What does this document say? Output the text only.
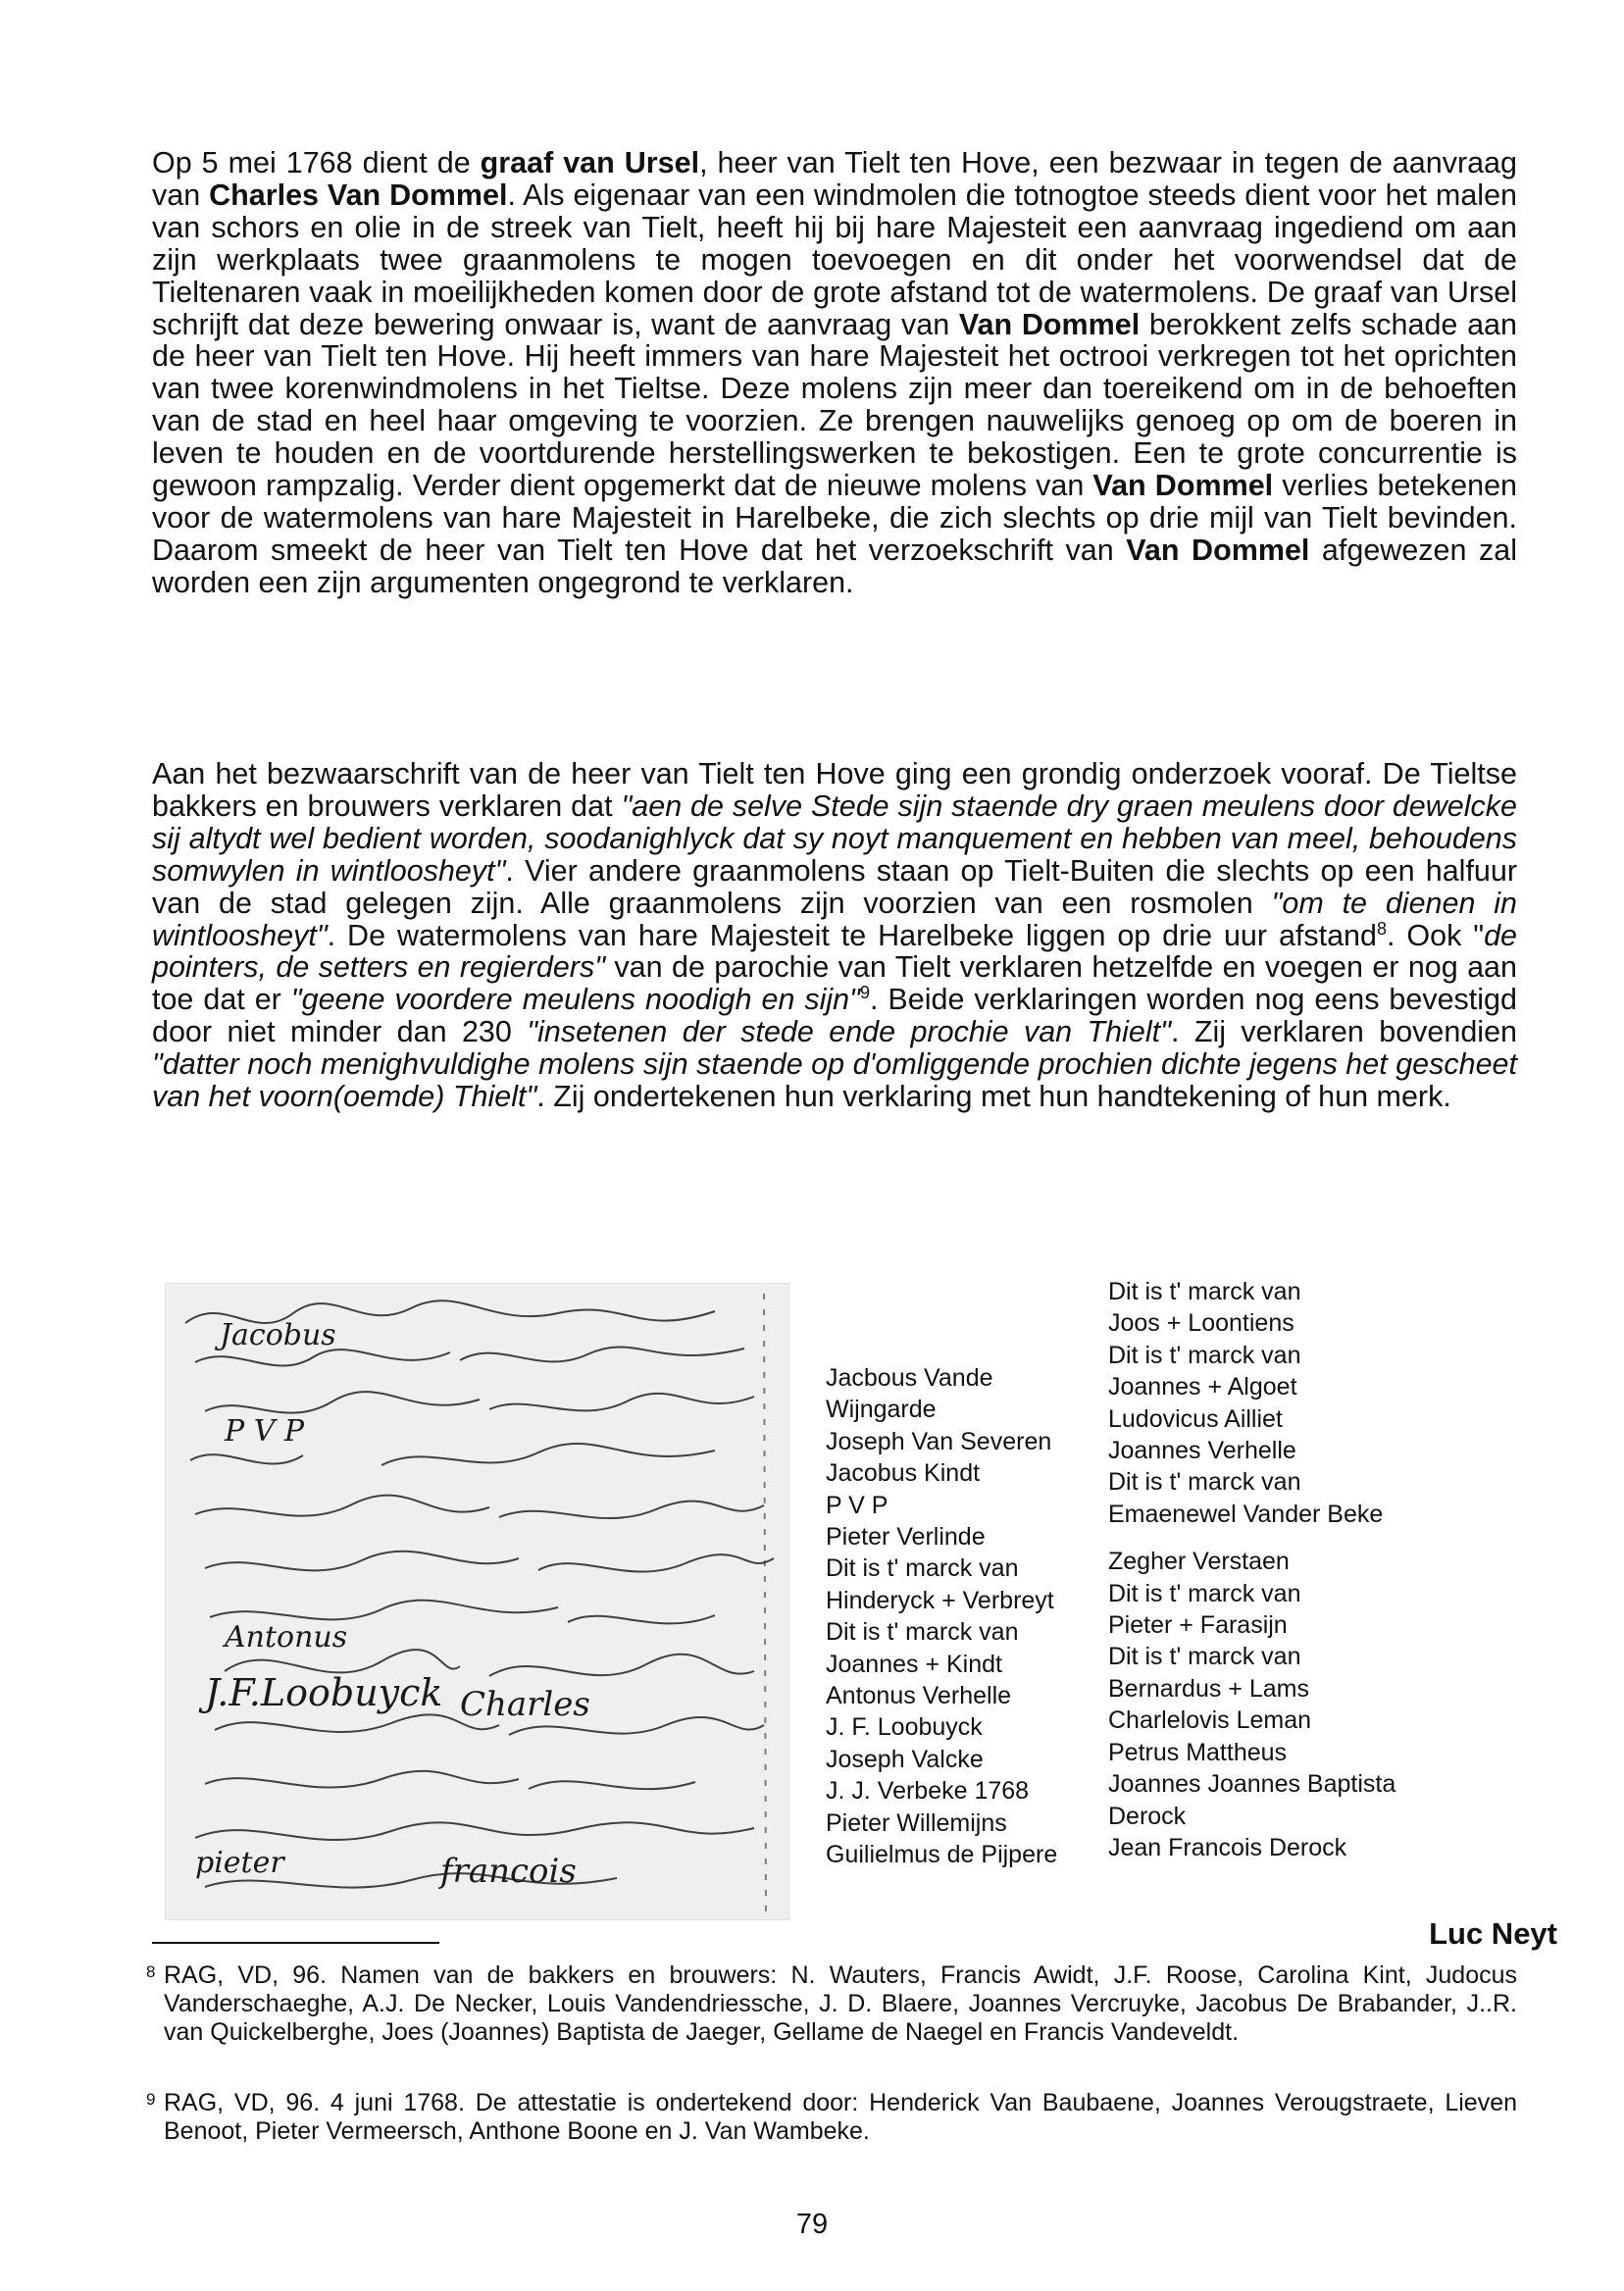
Op 5 mei 1768 dient de graaf van Ursel, heer van Tielt ten Hove, een bezwaar in tegen de aanvraag van Charles Van Dommel. Als eigenaar van een windmolen die totnogtoe steeds dient voor het malen van schors en olie in de streek van Tielt, heeft hij bij hare Majesteit een aanvraag ingediend om aan zijn werkplaats twee graanmolens te mogen toevoegen en dit onder het voorwendsel dat de Tieltenaren vaak in moeilijkheden komen door de grote afstand tot de watermolens. De graaf van Ursel schrijft dat deze bewering onwaar is, want de aanvraag van Van Dommel berokkent zelfs schade aan de heer van Tielt ten Hove. Hij heeft immers van hare Majesteit het octrooi verkregen tot het oprichten van twee korenwindmolens in het Tieltse. Deze molens zijn meer dan toereikend om in de behoeften van de stad en heel haar omgeving te voorzien. Ze brengen nauwelijks genoeg op om de boeren in leven te houden en de voortdurende herstellingswerken te bekostigen. Een te grote concurrentie is gewoon rampzalig. Verder dient opgemerkt dat de nieuwe molens van Van Dommel verlies betekenen voor de watermolens van hare Majesteit in Harelbeke, die zich slechts op drie mijl van Tielt bevinden. Daarom smeekt de heer van Tielt ten Hove dat het verzoekschrift van Van Dommel afgewezen zal worden een zijn argumenten ongegrond te verklaren.

Aan het bezwaarschrift van de heer van Tielt ten Hove ging een grondig onderzoek vooraf. De Tieltse bakkers en brouwers verklaren dat "aen de selve Stede sijn staende dry graen meulens door dewelcke sij altydt wel bedient worden, soodanighlyck dat sy noyt manquement en hebben van meel, behoudens somwylen in wintloosheyt". Vier andere graanmolens staan op Tielt-Buiten die slechts op een halfuur van de stad gelegen zijn. Alle graanmolens zijn voorzien van een rosmolen "om te dienen in wintloosheyt". De watermolens van hare Majesteit te Harelbeke liggen op drie uur afstand$^8$. Ook "de pointers, de setters en regierders" van de parochie van Tielt verklaren hetzelfde en voegen er nog aan toe dat er "geene voordere meulens noodigh en sijn"$^9$. Beide verklaringen worden nog eens bevestigd door niet minder dan 230 "insetenen der stede ende prochie van Thielt". Zij verklaren bovendien "datter noch menighvuldighe molens sijn staende op d'omliggende prochien dichte jegens het gescheet van het voorn(oemde) Thielt". Zij ondertekenen hun verklaring met hun handtekening of hun merk.

Jacobus
P V P
Antonus
J.F.Loobuyck Charles
pieter	francois
Jacbous Vande
Wijngarde
Joseph Van Severen
Jacobus Kindt
P V P
Pieter Verlinde
Dit is t' marck van
Hinderyck + Verbreyt
Dit is t' marck van
Joannes + Kindt
Antonus Verhelle
J. F. Loobuyck
Joseph Valcke
J. J. Verbeke 1768
Pieter Willemijns
Guilielmus de Pijpere
Dit is t' marck van
Joos + Loontiens
Dit is t' marck van
Joannes + Algoet
Ludovicus Ailliet
Joannes Verhelle
Dit is t' marck van
Emaenewel Vander Beke
Zegher Verstaen
Dit is t' marck van
Pieter + Farasijn
Dit is t' marck van
Bernardus + Lams
Charlelovis Leman
Petrus Mattheus
Joannes Joannes Baptista
Derock
Jean Francois Derock
Luc Neyt

8 RAG, VD, 96. Namen van de bakkers en brouwers: N. Wauters, Francis Awidt, J.F. Roose, Carolina Kint, Judocus Vanderschaeghe, A.J. De Necker, Louis Vandendriessche, J. D. Blaere, Joannes Vercruyke, Jacobus De Brabander, J..R. van Quickelberghe, Joes (Joannes) Baptista de Jaeger, Gellame de Naegel en Francis Vandeveldt.

9 RAG, VD, 96. 4 juni 1768. De attestatie is ondertekend door: Henderick Van Baubaene, Joannes Verougstraete, Lieven Benoot, Pieter Vermeersch, Anthone Boone en J. Van Wambeke.

79
